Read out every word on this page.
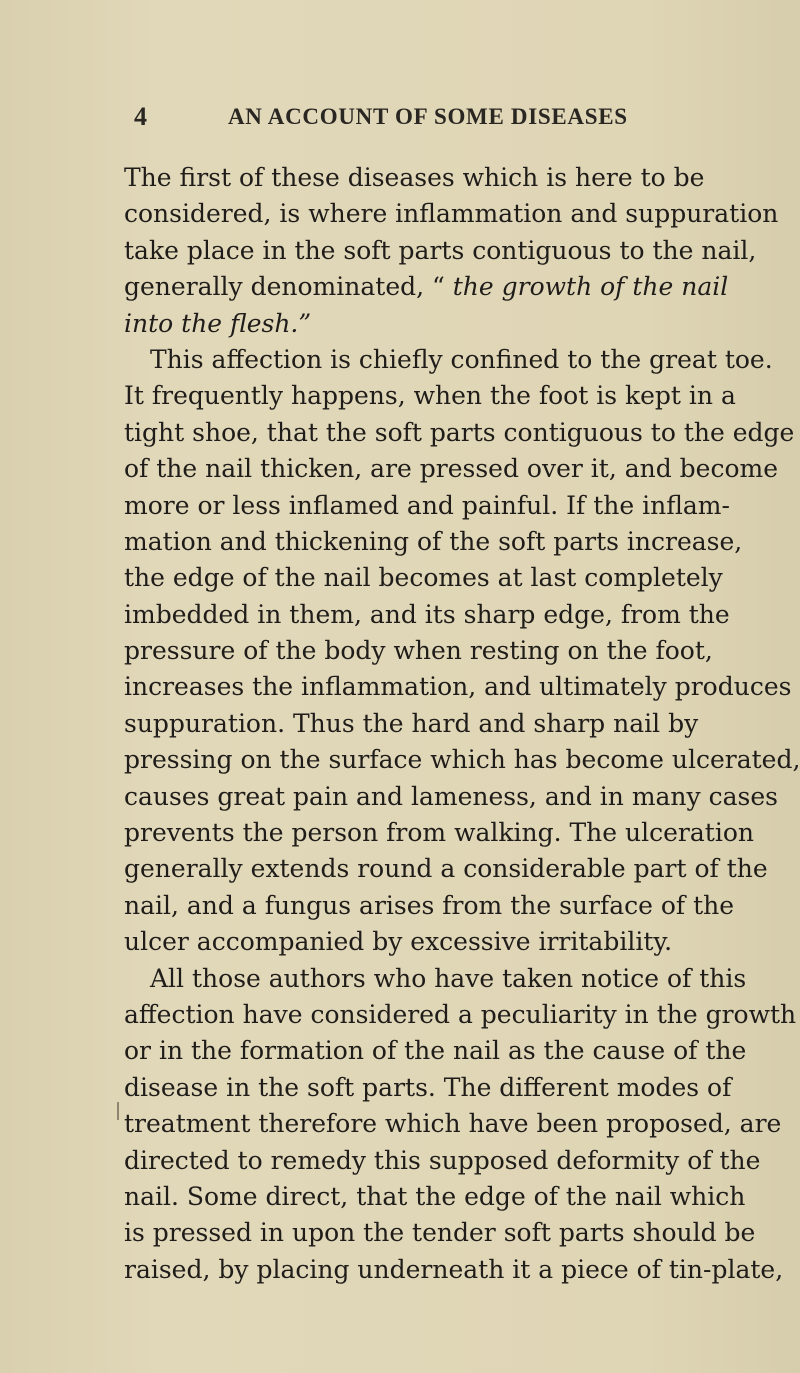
4	AN ACCOUNT OF SOME DISEASES
The first of these diseases which is here to be
considered, is where inflammation and suppuration
take place in the soft parts contiguous to the nail,
generally denominated, “ the growth of the nail
into the flesh.”
This affection is chiefly confined to the great toe.
It frequently happens, when the foot is kept in a
tight shoe, that the soft parts contiguous to the edge
of the nail thicken, are pressed over it, and become
more or less inflamed and painful. If the inflam-
mation and thickening of the soft parts increase,
the edge of the nail becomes at last completely
imbedded in them, and its sharp edge, from the
pressure of the body when resting on the foot,
increases the inflammation, and ultimately produces
suppuration. Thus the hard and sharp nail by
pressing on the surface which has become ulcerated,
causes great pain and lameness, and in many cases
prevents the person from walking. The ulceration
generally extends round a considerable part of the
nail, and a fungus arises from the surface of the
ulcer accompanied by excessive irritability.
All those authors who have taken notice of this
affection have considered a peculiarity in the growth
or in the formation of the nail as the cause of the
disease in the soft parts. The different modes of
treatment therefore which have been proposed, are
directed to remedy this supposed deformity of the
nail. Some direct, that the edge of the nail which
is pressed in upon the tender soft parts should be
raised, by placing underneath it a piece of tin-plate,
